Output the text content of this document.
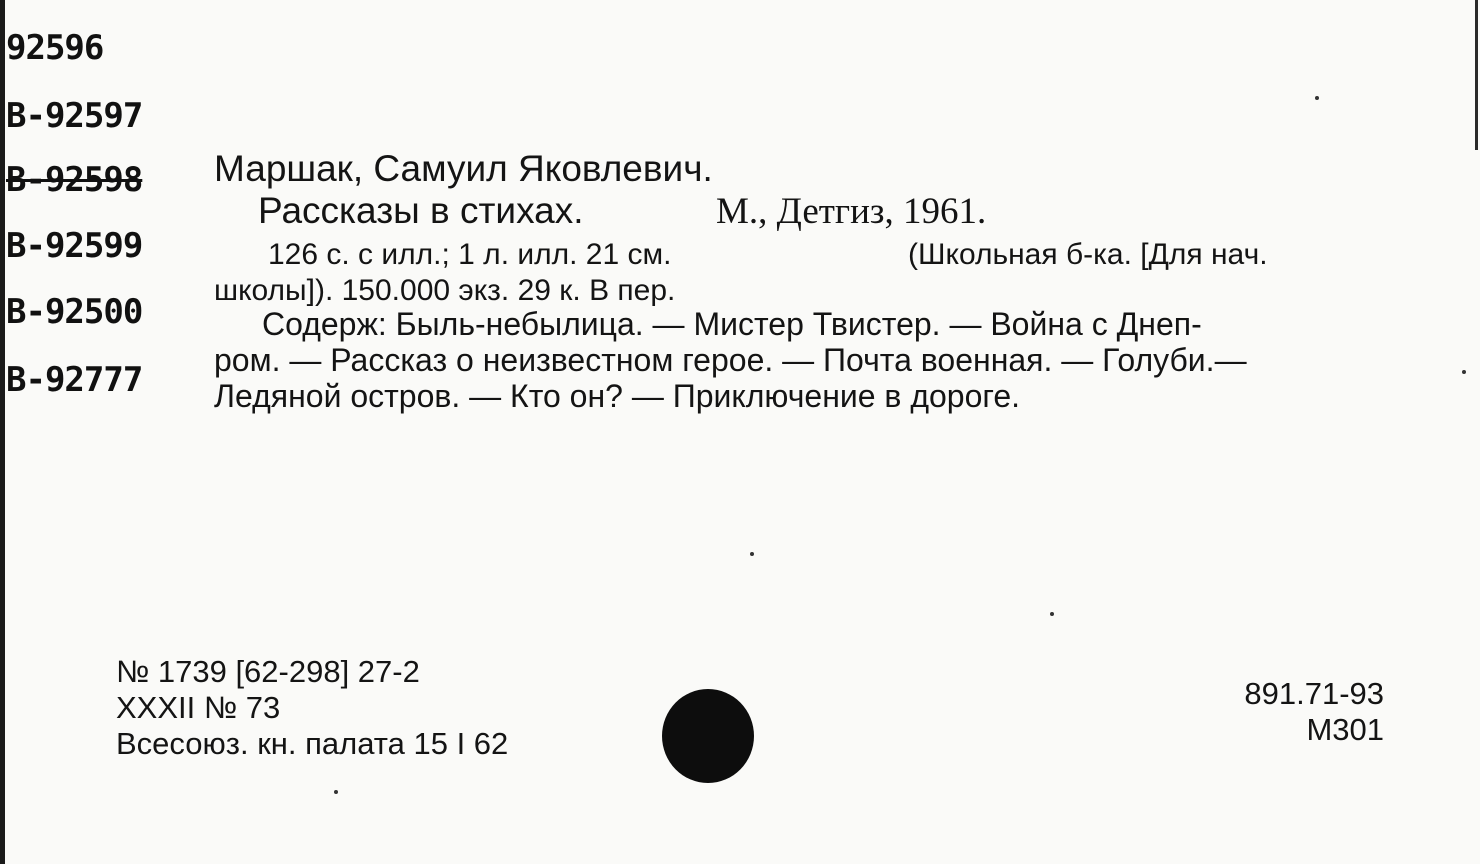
92596
B-92597
B-92598
B-92599
B-92500
B-92777
Маршак, Самуил Яковлевич.
Рассказы в стихах.	М., Детгиз, 1961.
126 с. с илл.; 1 л. илл. 21 см.	(Школьная б-ка. [Для нач.
школы]). 150.000 экз. 29 к. В пер.
Содерж: Быль-небылица. — Мистер Твистер. — Война с Днеп-
ром. — Рассказ о неизвестном герое. — Почта военная. — Голуби.—
Ледяной остров. — Кто он? — Приключение в дороге.
№ 1739 [62-298] 27-2
XXXII № 73
Всесоюз. кн. палата 15 I 62
891.71-93
М301
